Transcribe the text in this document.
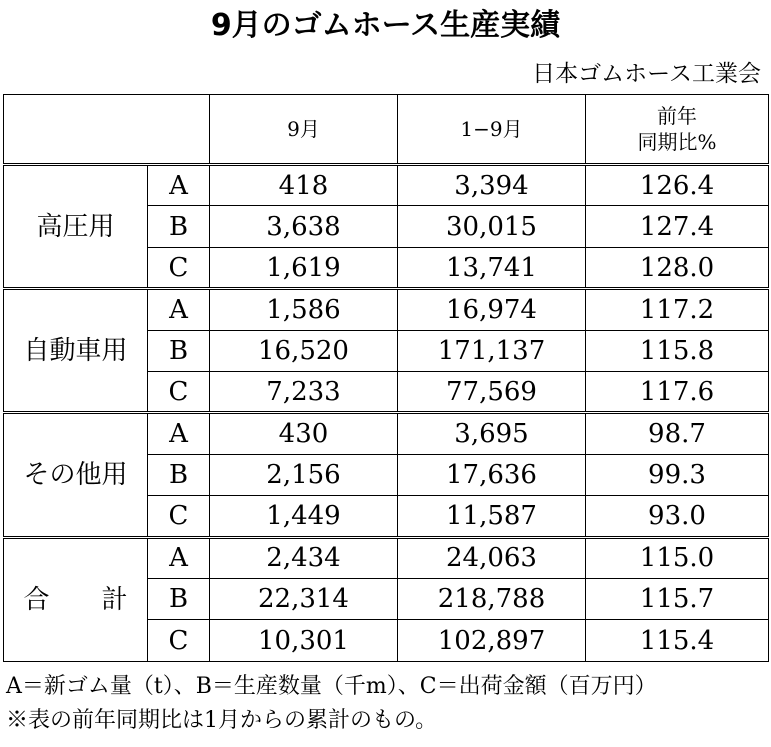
9月のゴムホース生産実績
日本ゴムホース工業会
		9月	1−9月	前年
同期比%
高圧用	A	418	3,394	126.4
	B	3,638	30,015	127.4
	C	1,619	13,741	128.0
自動車用	A	1,586	16,974	117.2
	B	16,520	171,137	115.8
	C	7,233	77,569	117.6
その他用	A	430	3,695	98.7
	B	2,156	17,636	99.3
	C	1,449	11,587	93.0
合　　計	A	2,434	24,063	115.0
	B	22,314	218,788	115.7
	C	10,301	102,897	115.4
A＝新ゴム量（t）、B＝生産数量（千m）、C＝出荷金額（百万円）
※表の前年同期比は1月からの累計のもの。
